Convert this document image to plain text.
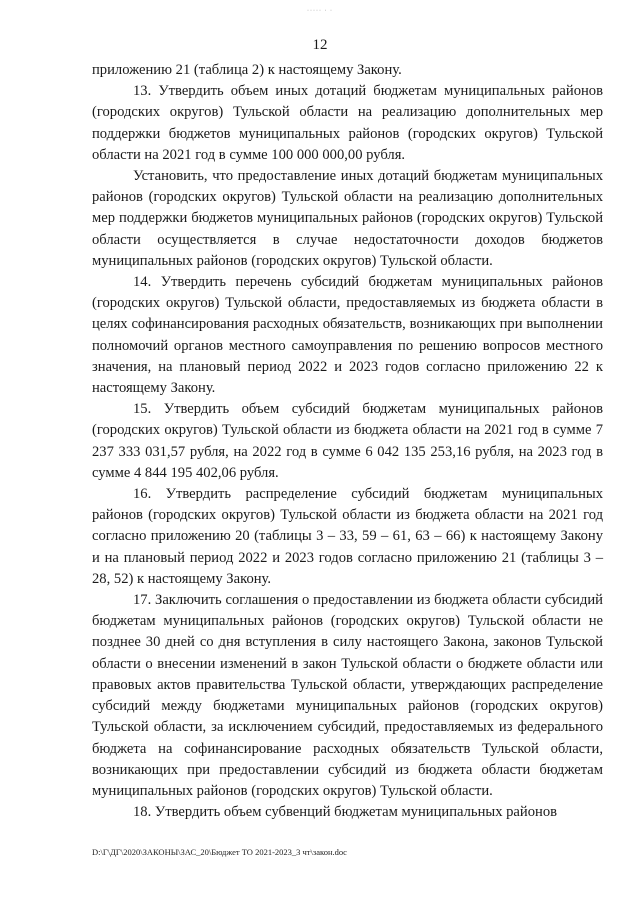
····· · ·
12

приложению 21 (таблица 2) к настоящему Закону.

13. Утвердить объем иных дотаций бюджетам муниципальных районов (городских округов) Тульской области на реализацию дополнительных мер поддержки бюджетов муниципальных районов (городских округов) Тульской области на 2021 год в сумме 100 000 000,00 рубля.

Установить, что предоставление иных дотаций бюджетам муниципальных районов (городских округов) Тульской области на реализацию дополнительных мер поддержки бюджетов муниципальных районов (городских округов) Тульской области осуществляется в случае недостаточности доходов бюджетов муниципальных районов (городских округов) Тульской области.

14. Утвердить перечень субсидий бюджетам муниципальных районов (городских округов) Тульской области, предоставляемых из бюджета области в целях софинансирования расходных обязательств, возникающих при выполнении полномочий органов местного самоуправления по решению вопросов местного значения, на плановый период 2022 и 2023 годов согласно приложению 22 к настоящему Закону.

15. Утвердить объем субсидий бюджетам муниципальных районов (городских округов) Тульской области из бюджета области на 2021 год в сумме 7 237 333 031,57 рубля, на 2022 год в сумме 6 042 135 253,16 рубля, на 2023 год в сумме 4 844 195 402,06 рубля.

16. Утвердить распределение субсидий бюджетам муниципальных районов (городских округов) Тульской области из бюджета области на 2021 год согласно приложению 20 (таблицы 3 – 33, 59 – 61, 63 – 66) к настоящему Закону и на плановый период 2022 и 2023 годов согласно приложению 21 (таблицы 3 – 28, 52) к настоящему Закону.

17. Заключить соглашения о предоставлении из бюджета области субсидий бюджетам муниципальных районов (городских округов) Тульской области не позднее 30 дней со дня вступления в силу настоящего Закона, законов Тульской области о внесении изменений в закон Тульской области о бюджете области или правовых актов правительства Тульской области, утверждающих распределение субсидий между бюджетами муниципальных районов (городских округов) Тульской области, за исключением субсидий, предоставляемых из федерального бюджета на софинансирование расходных обязательств Тульской области, возникающих при предоставлении субсидий из бюджета области бюджетам муниципальных районов (городских округов) Тульской области.

18. Утвердить объем субвенций бюджетам муниципальных районов

D:\Г\ДГ\2020\ЗАКОНЫ\ЗАС_20\Бюджет ТО 2021-2023_3 чт\закон.doc
